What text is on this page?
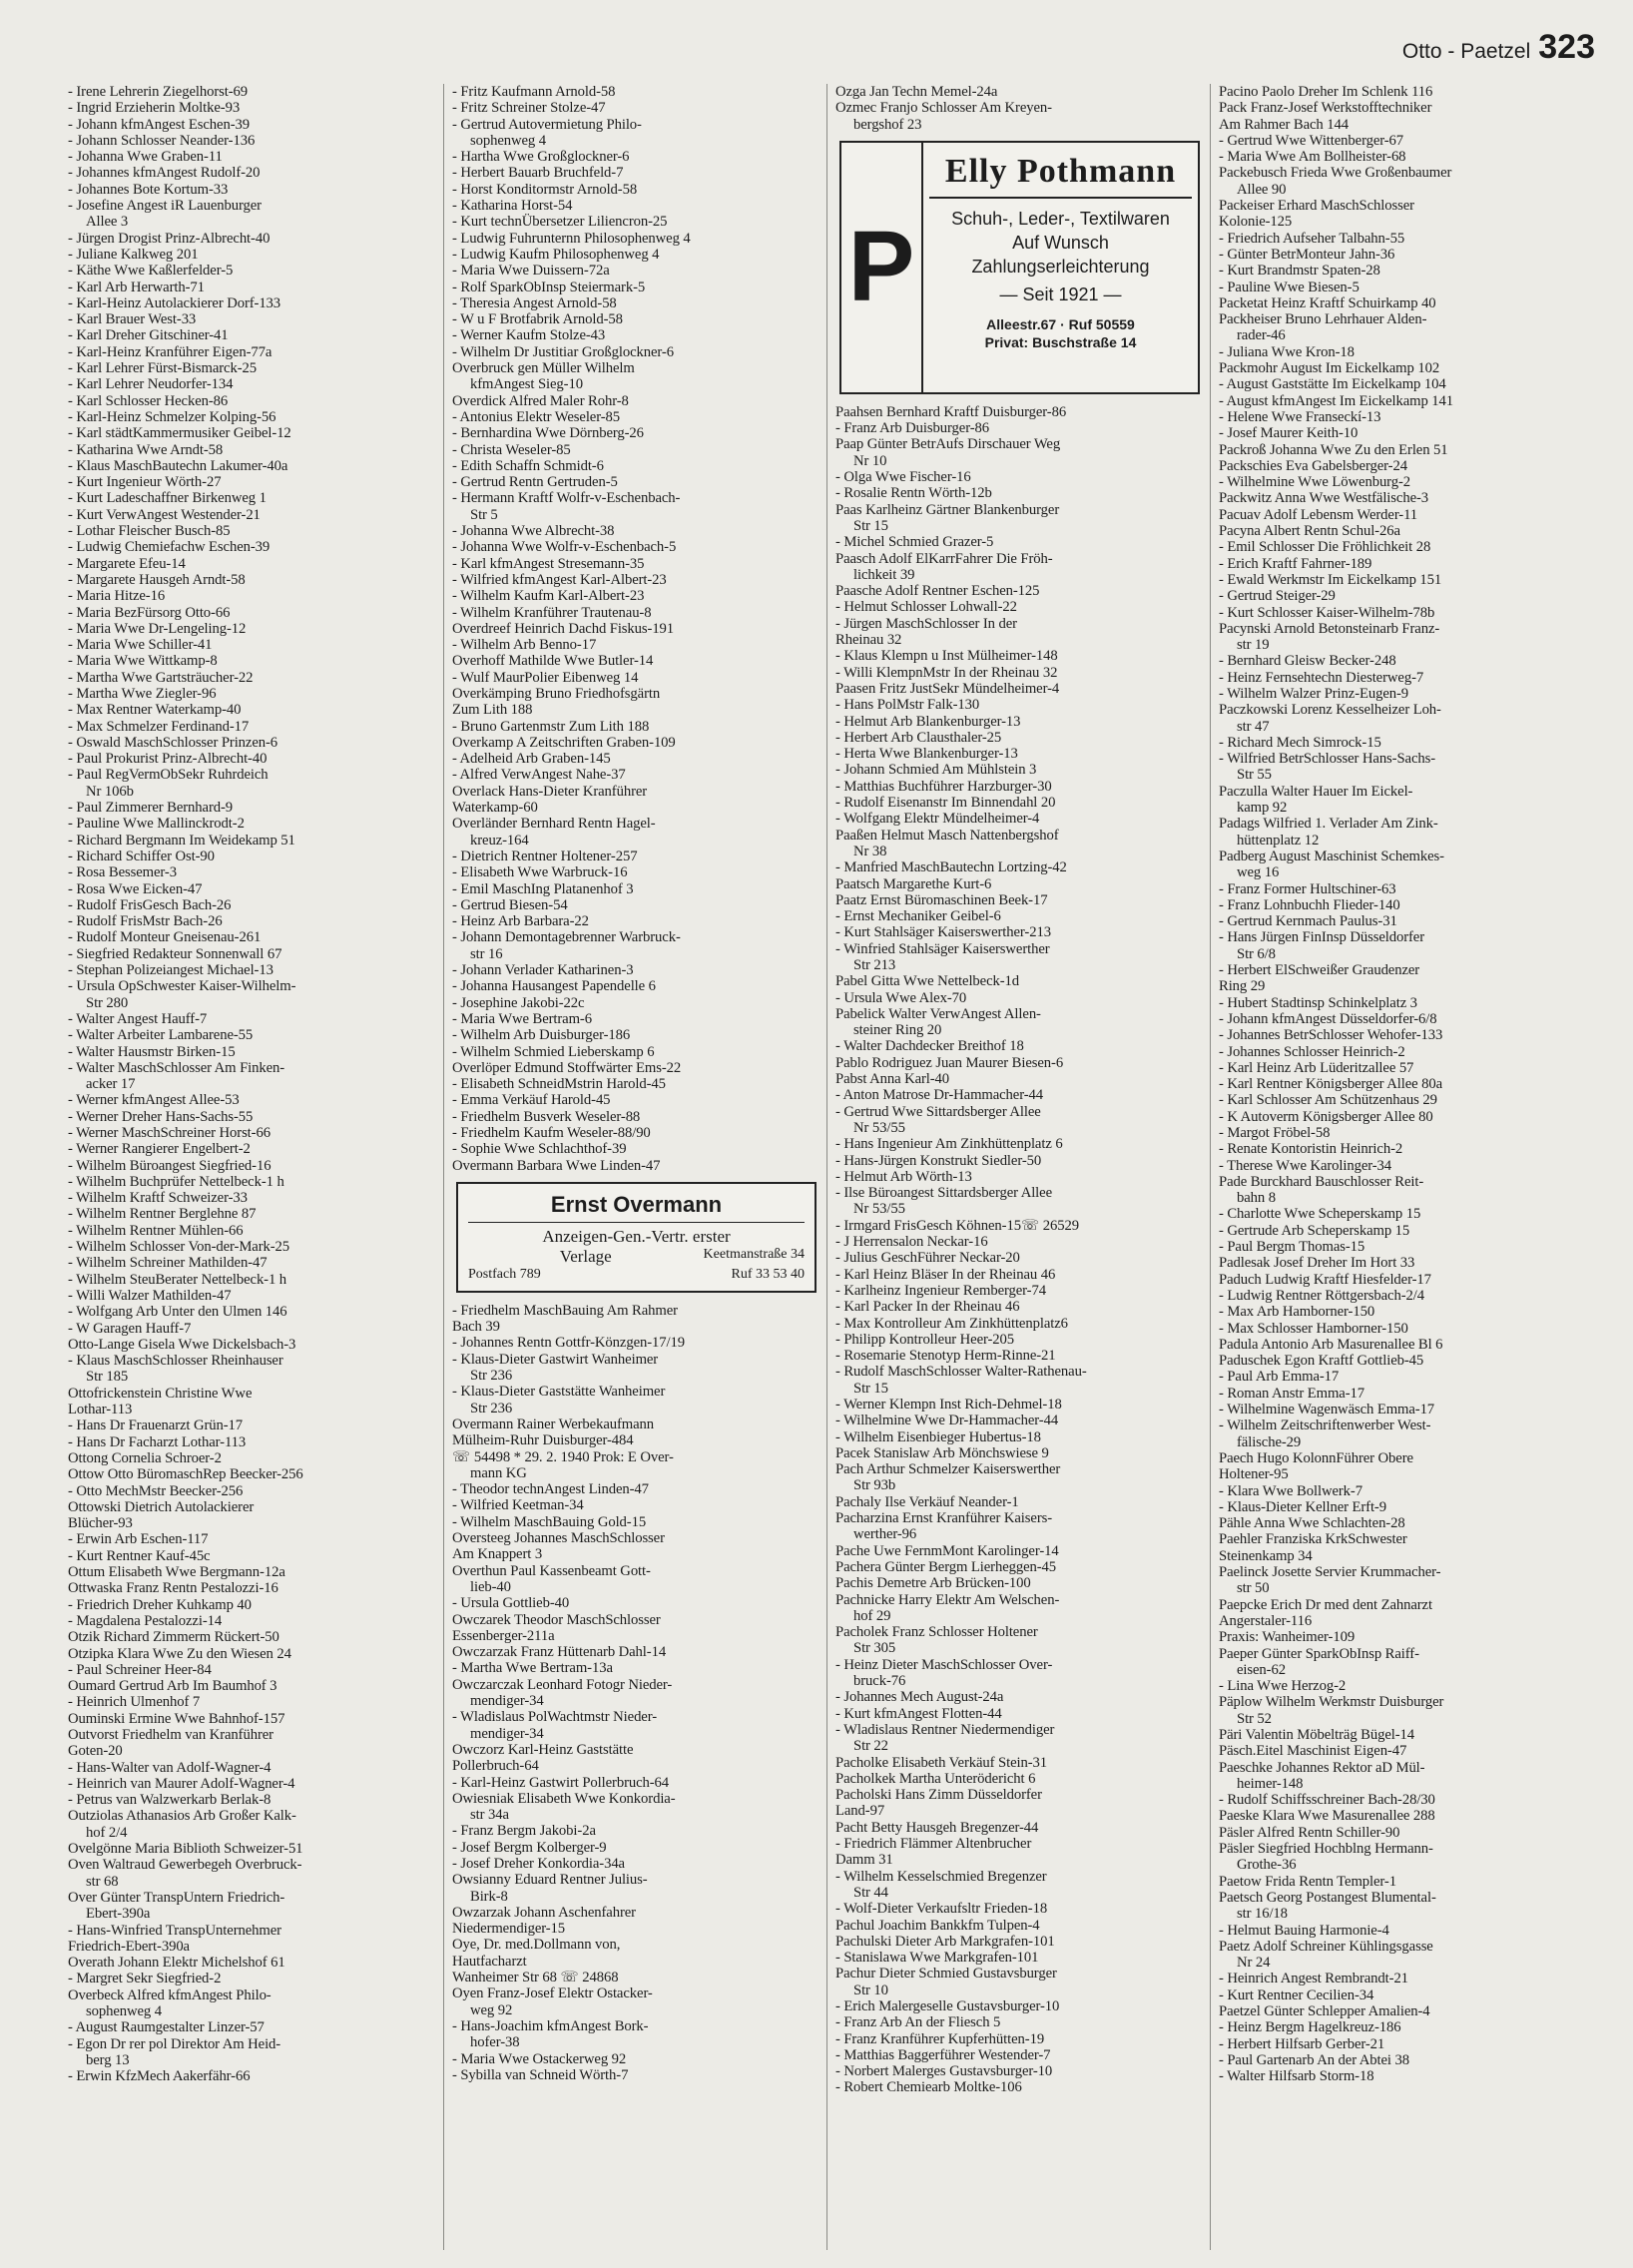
Otto - Paetzel 323
- Irene Lehrerin Ziegelhorst-69
- Ingrid Erzieherin Moltke-93
- Johann kfmAngest Eschen-39
- Johann Schlosser Neander-136
- Johanna Wwe Graben-11
- Johannes kfmAngest Rudolf-20
- Johannes Bote Kortum-33
- Josefine Angest iR Lauenburger
Allee 3
- Jürgen Drogist Prinz-Albrecht-40
- Juliane Kalkweg 201
- Käthe Wwe Kaßlerfelder-5
- Karl Arb Herwarth-71
- Karl-Heinz Autolackierer Dorf-133
- Karl Brauer West-33
- Karl Dreher Gitschiner-41
- Karl-Heinz Kranführer Eigen-77a
- Karl Lehrer Fürst-Bismarck-25
- Karl Lehrer Neudorfer-134
- Karl Schlosser Hecken-86
- Karl-Heinz Schmelzer Kolping-56
- Karl städtKammermusiker Geibel-12
- Katharina Wwe Arndt-58
- Klaus MaschBautechn Lakumer-40a
- Kurt Ingenieur Wörth-27
- Kurt Ladeschaffner Birkenweg 1
- Kurt VerwAngest Westender-21
- Lothar Fleischer Busch-85
- Ludwig Chemiefachw Eschen-39
- Margarete Efeu-14
- Margarete Hausgeh Arndt-58
- Maria Hitze-16
- Maria BezFürsorg Otto-66
- Maria Wwe Dr-Lengeling-12
- Maria Wwe Schiller-41
- Maria Wwe Wittkamp-8
- Martha Wwe Gartsträucher-22
- Martha Wwe Ziegler-96
- Max Rentner Waterkamp-40
- Max Schmelzer Ferdinand-17
- Oswald MaschSchlosser Prinzen-6
- Paul Prokurist Prinz-Albrecht-40
- Paul RegVermObSekr Ruhrdeich
Nr 106b
- Paul Zimmerer Bernhard-9
- Pauline Wwe Mallinckrodt-2
- Richard Bergmann Im Weidekamp 51
- Richard Schiffer Ost-90
- Rosa Bessemer-3
- Rosa Wwe Eicken-47
- Rudolf FrisGesch Bach-26
- Rudolf FrisMstr Bach-26
- Rudolf Monteur Gneisenau-261
- Siegfried Redakteur Sonnenwall 67
- Stephan Polizeiangest Michael-13
- Ursula OpSchwester Kaiser-Wilhelm-
Str 280
- Walter Angest Hauff-7
- Walter Arbeiter Lambarene-55
- Walter Hausmstr Birken-15
- Walter MaschSchlosser Am Finken-
acker 17
- Werner kfmAngest Allee-53
- Werner Dreher Hans-Sachs-55
- Werner MaschSchreiner Horst-66
- Werner Rangierer Engelbert-2
- Wilhelm Büroangest Siegfried-16
- Wilhelm Buchprüfer Nettelbeck-1 h
- Wilhelm Kraftf Schweizer-33
- Wilhelm Rentner Berglehne 87
- Wilhelm Rentner Mühlen-66
- Wilhelm Schlosser Von-der-Mark-25
- Wilhelm Schreiner Mathilden-47
- Wilhelm SteuBerater Nettelbeck-1 h
- Willi Walzer Mathilden-47
- Wolfgang Arb Unter den Ulmen 146
- W Garagen Hauff-7
Otto-Lange Gisela Wwe Dickelsbach-3
- Klaus MaschSchlosser Rheinhauser
Str 185
Ottofrickenstein Christine Wwe
Lothar-113
- Hans Dr Frauenarzt Grün-17
- Hans Dr Facharzt Lothar-113
Ottong Cornelia Schroer-2
Ottow Otto BüromaschRep Beecker-256
- Otto MechMstr Beecker-256
Ottowski Dietrich Autolackierer
Blücher-93
- Erwin Arb Eschen-117
- Kurt Rentner Kauf-45c
Ottum Elisabeth Wwe Bergmann-12a
Ottwaska Franz Rentn Pestalozzi-16
- Friedrich Dreher Kuhkamp 40
- Magdalena Pestalozzi-14
Otzik Richard Zimmerm Rückert-50
Otzipka Klara Wwe Zu den Wiesen 24
- Paul Schreiner Heer-84
Oumard Gertrud Arb Im Baumhof 3
- Heinrich Ulmenhof 7
Ouminski Ermine Wwe Bahnhof-157
Outvorst Friedhelm van Kranführer
Goten-20
- Hans-Walter van Adolf-Wagner-4
- Heinrich van Maurer Adolf-Wagner-4
- Petrus van Walzwerkarb Berlak-8
Outziolas Athanasios Arb Großer Kalk-
hof 2/4
Ovelgönne Maria Biblioth Schweizer-51
Oven Waltraud Gewerbegeh Overbruck-
str 68
Over Günter TranspUntern Friedrich-
Ebert-390a
- Hans-Winfried TranspUnternehmer
Friedrich-Ebert-390a
Overath Johann Elektr Michelshof 61
- Margret Sekr Siegfried-2
Overbeck Alfred kfmAngest Philo-
sophenweg 4
- August Raumgestalter Linzer-57
- Egon Dr rer pol Direktor Am Heid-
berg 13
- Erwin KfzMech Aakerfähr-66
- Fritz Kaufmann Arnold-58
- Fritz Schreiner Stolze-47
- Gertrud Autovermietung Philo-
sophenweg 4
- Hartha Wwe Großglockner-6
- Herbert Bauarb Bruchfeld-7
- Horst Konditormstr Arnold-58
- Katharina Horst-54
- Kurt technÜbersetzer Liliencron-25
- Ludwig Fuhrunternn Philosophenweg 4
- Ludwig Kaufm Philosophenweg 4
- Maria Wwe Duissern-72a
- Rolf SparkObInsp Steiermark-5
- Theresia Angest Arnold-58
- W u F Brotfabrik Arnold-58
- Werner Kaufm Stolze-43
- Wilhelm Dr Justitiar Großglockner-6
Overbruck gen Müller Wilhelm
kfmAngest Sieg-10
Overdick Alfred Maler Rohr-8
- Antonius Elektr Weseler-85
- Bernhardina Wwe Dörnberg-26
- Christa Weseler-85
- Edith Schaffn Schmidt-6
- Gertrud Rentn Gertruden-5
- Hermann Kraftf Wolfr-v-Eschenbach-
Str 5
- Johanna Wwe Albrecht-38
- Johanna Wwe Wolfr-v-Eschenbach-5
- Karl kfmAngest Stresemann-35
- Wilfried kfmAngest Karl-Albert-23
- Wilhelm Kaufm Karl-Albert-23
- Wilhelm Kranführer Trautenau-8
Overdreef Heinrich Dachd Fiskus-191
- Wilhelm Arb Benno-17
Overhoff Mathilde Wwe Butler-14
- Wulf MaurPolier Eibenweg 14
Overkämping Bruno Friedhofsgärtn
Zum Lith 188
- Bruno Gartenmstr Zum Lith 188
Overkamp A Zeitschriften Graben-109
- Adelheid Arb Graben-145
- Alfred VerwAngest Nahe-37
Overlack Hans-Dieter Kranführer
Waterkamp-60
Overländer Bernhard Rentn Hagel-
kreuz-164
- Dietrich Rentner Holtener-257
- Elisabeth Wwe Warbruck-16
- Emil MaschIng Platanenhof 3
- Gertrud Biesen-54
- Heinz Arb Barbara-22
- Johann Demontagebrenner Warbruck-
str 16
- Johann Verlader Katharinen-3
- Johanna Hausangest Papendelle 6
- Josephine Jakobi-22c
- Maria Wwe Bertram-6
- Wilhelm Arb Duisburger-186
- Wilhelm Schmied Lieberskamp 6
Overlöper Edmund Stoffwärter Ems-22
- Elisabeth SchneidMstrin Harold-45
- Emma Verkäuf Harold-45
- Friedhelm Busverk Weseler-88
- Friedhelm Kaufm Weseler-88/90
- Sophie Wwe Schlachthof-39
Overmann Barbara Wwe Linden-47
Ernst Overmann
Anzeigen-Gen.-Vertr. erster
Verlage	Keetmanstraße 34
Postfach 789	Ruf 33 53 40
- Friedhelm MaschBauing Am Rahmer
Bach 39
- Johannes Rentn Gottfr-Könzgen-17/19
- Klaus-Dieter Gastwirt Wanheimer
Str 236
- Klaus-Dieter Gaststätte Wanheimer
Str 236
Overmann Rainer Werbekaufmann
Mülheim-Ruhr Duisburger-484
☏ 54498 * 29. 2. 1940 Prok: E Over-
mann KG
- Theodor technAngest Linden-47
- Wilfried Keetman-34
- Wilhelm MaschBauing Gold-15
Oversteeg Johannes MaschSchlosser
Am Knappert 3
Overthun Paul Kassenbeamt Gott-
lieb-40
- Ursula Gottlieb-40
Owczarek Theodor MaschSchlosser
Essenberger-211a
Owczarzak Franz Hüttenarb Dahl-14
- Martha Wwe Bertram-13a
Owczarczak Leonhard Fotogr Nieder-
mendiger-34
- Wladislaus PolWachtmstr Nieder-
mendiger-34
Owczorz Karl-Heinz Gaststätte
Pollerbruch-64
- Karl-Heinz Gastwirt Pollerbruch-64
Owiesniak Elisabeth Wwe Konkordia-
str 34a
- Franz Bergm Jakobi-2a
- Josef Bergm Kolberger-9
- Josef Dreher Konkordia-34a
Owsianny Eduard Rentner Julius-
Birk-8
Owzarzak Johann Aschenfahrer
Niedermendiger-15
Oye, Dr. med.Dollmann von,
Hautfacharzt
Wanheimer Str 68 ☏ 24868
Oyen Franz-Josef Elektr Ostacker-
weg 92
- Hans-Joachim kfmAngest Bork-
hofer-38
- Maria Wwe Ostackerweg 92
- Sybilla van Schneid Wörth-7
Ozga Jan Techn Memel-24a
Ozmec Franjo Schlosser Am Kreyen-
bergshof 23
P
Elly Pothmann
Schuh-, Leder-, Textilwaren
Auf Wunsch
Zahlungserleichterung
— Seit 1921 —
Alleestr.67 · Ruf 50559
Privat: Buschstraße 14
Paahsen Bernhard Kraftf Duisburger-86
- Franz Arb Duisburger-86
Paap Günter BetrAufs Dirschauer Weg
Nr 10
- Olga Wwe Fischer-16
- Rosalie Rentn Wörth-12b
Paas Karlheinz Gärtner Blankenburger
Str 15
- Michel Schmied Grazer-5
Paasch Adolf ElKarrFahrer Die Fröh-
lichkeit 39
Paasche Adolf Rentner Eschen-125
- Helmut Schlosser Lohwall-22
- Jürgen MaschSchlosser In der
Rheinau 32
- Klaus Klempn u Inst Mülheimer-148
- Willi KlempnMstr In der Rheinau 32
Paasen Fritz JustSekr Mündelheimer-4
- Hans PolMstr Falk-130
- Helmut Arb Blankenburger-13
- Herbert Arb Clausthaler-25
- Herta Wwe Blankenburger-13
- Johann Schmied Am Mühlstein 3
- Matthias Buchführer Harzburger-30
- Rudolf Eisenanstr Im Binnendahl 20
- Wolfgang Elektr Mündelheimer-4
Paaßen Helmut Masch Nattenbergshof
Nr 38
- Manfried MaschBautechn Lortzing-42
Paatsch Margarethe Kurt-6
Paatz Ernst Büromaschinen Beek-17
- Ernst Mechaniker Geibel-6
- Kurt Stahlsäger Kaiserswerther-213
- Winfried Stahlsäger Kaiserswerther
Str 213
Pabel Gitta Wwe Nettelbeck-1d
- Ursula Wwe Alex-70
Pabelick Walter VerwAngest Allen-
steiner Ring 20
- Walter Dachdecker Breithof 18
Pablo Rodriguez Juan Maurer Biesen-6
Pabst Anna Karl-40
- Anton Matrose Dr-Hammacher-44
- Gertrud Wwe Sittardsberger Allee
Nr 53/55
- Hans Ingenieur Am Zinkhüttenplatz 6
- Hans-Jürgen Konstrukt Siedler-50
- Helmut Arb Wörth-13
- Ilse Büroangest Sittardsberger Allee
Nr 53/55
- Irmgard FrisGesch Köhnen-15☏ 26529
- J Herrensalon Neckar-16
- Julius GeschFührer Neckar-20
- Karl Heinz Bläser In der Rheinau 46
- Karlheinz Ingenieur Remberger-74
- Karl Packer In der Rheinau 46
- Max Kontrolleur Am Zinkhüttenplatz6
- Philipp Kontrolleur Heer-205
- Rosemarie Stenotyp Herm-Rinne-21
- Rudolf MaschSchlosser Walter-Rathenau-
Str 15
- Werner Klempn Inst Rich-Dehmel-18
- Wilhelmine Wwe Dr-Hammacher-44
- Wilhelm Eisenbieger Hubertus-18
Pacek Stanislaw Arb Mönchswiese 9
Pach Arthur Schmelzer Kaiserswerther
Str 93b
Pachaly Ilse Verkäuf Neander-1
Pacharzina Ernst Kranführer Kaisers-
werther-96
Pache Uwe FernmMont Karolinger-14
Pachera Günter Bergm Lierheggen-45
Pachis Demetre Arb Brücken-100
Pachnicke Harry Elektr Am Welschen-
hof 29
Pacholek Franz Schlosser Holtener
Str 305
- Heinz Dieter MaschSchlosser Over-
bruck-76
- Johannes Mech August-24a
- Kurt kfmAngest Flotten-44
- Wladislaus Rentner Niedermendiger
Str 22
Pacholke Elisabeth Verkäuf Stein-31
Pacholkek Martha Unterödericht 6
Pacholski Hans Zimm Düsseldorfer
Land-97
Pacht Betty Hausgeh Bregenzer-44
- Friedrich Flämmer Altenbrucher
Damm 31
- Wilhelm Kesselschmied Bregenzer
Str 44
- Wolf-Dieter Verkaufsltr Frieden-18
Pachul Joachim Bankkfm Tulpen-4
Pachulski Dieter Arb Markgrafen-101
- Stanislawa Wwe Markgrafen-101
Pachur Dieter Schmied Gustavsburger
Str 10
- Erich Malergeselle Gustavsburger-10
- Franz Arb An der Fliesch 5
- Franz Kranführer Kupferhütten-19
- Matthias Baggerführer Westender-7
- Norbert Malerges Gustavsburger-10
- Robert Chemiearb Moltke-106
Pacino Paolo Dreher Im Schlenk 116
Pack Franz-Josef Werkstofftechniker
Am Rahmer Bach 144
- Gertrud Wwe Wittenberger-67
- Maria Wwe Am Bollheister-68
Packebusch Frieda Wwe Großenbaumer
Allee 90
Packeiser Erhard MaschSchlosser
Kolonie-125
- Friedrich Aufseher Talbahn-55
- Günter BetrMonteur Jahn-36
- Kurt Brandmstr Spaten-28
- Pauline Wwe Biesen-5
Packetat Heinz Kraftf Schuirkamp 40
Packheiser Bruno Lehrhauer Alden-
rader-46
- Juliana Wwe Kron-18
Packmohr August Im Eickelkamp 102
- August Gaststätte Im Eickelkamp 104
- August kfmAngest Im Eickelkamp 141
- Helene Wwe Franseckí-13
- Josef Maurer Keith-10
Packroß Johanna Wwe Zu den Erlen 51
Packschies Eva Gabelsberger-24
- Wilhelmine Wwe Löwenburg-2
Packwitz Anna Wwe Westfälische-3
Pacuav Adolf Lebensm Werder-11
Pacyna Albert Rentn Schul-26a
- Emil Schlosser Die Fröhlichkeit 28
- Erich Kraftf Fahrner-189
- Ewald Werkmstr Im Eickelkamp 151
- Gertrud Steiger-29
- Kurt Schlosser Kaiser-Wilhelm-78b
Pacynski Arnold Betonsteinarb Franz-
str 19
- Bernhard Gleisw Becker-248
- Heinz Fernsehtechn Diesterweg-7
- Wilhelm Walzer Prinz-Eugen-9
Paczkowski Lorenz Kesselheizer Loh-
str 47
- Richard Mech Simrock-15
- Wilfried BetrSchlosser Hans-Sachs-
Str 55
Paczulla Walter Hauer Im Eickel-
kamp 92
Padags Wilfried 1. Verlader Am Zink-
hüttenplatz 12
Padberg August Maschinist Schemkes-
weg 16
- Franz Former Hultschiner-63
- Franz Lohnbuchh Flieder-140
- Gertrud Kernmach Paulus-31
- Hans Jürgen FinInsp Düsseldorfer
Str 6/8
- Herbert ElSchweißer Graudenzer
Ring 29
- Hubert Stadtinsp Schinkelplatz 3
- Johann kfmAngest Düsseldorfer-6/8
- Johannes BetrSchlosser Wehofer-133
- Johannes Schlosser Heinrich-2
- Karl Heinz Arb Lüderitzallee 57
- Karl Rentner Königsberger Allee 80a
- Karl Schlosser Am Schützenhaus 29
- K Autoverm Königsberger Allee 80
- Margot Fröbel-58
- Renate Kontoristin Heinrich-2
- Therese Wwe Karolinger-34
Pade Burckhard Bauschlosser Reit-
bahn 8
- Charlotte Wwe Scheperskamp 15
- Gertrude Arb Scheperskamp 15
- Paul Bergm Thomas-15
Padlesak Josef Dreher Im Hort 33
Paduch Ludwig Kraftf Hiesfelder-17
- Ludwig Rentner Röttgersbach-2/4
- Max Arb Hamborner-150
- Max Schlosser Hamborner-150
Padula Antonio Arb Masurenallee Bl 6
Paduschek Egon Kraftf Gottlieb-45
- Paul Arb Emma-17
- Roman Anstr Emma-17
- Wilhelmine Wagenwäsch Emma-17
- Wilhelm Zeitschriftenwerber West-
fälische-29
Paech Hugo KolonnFührer Obere
Holtener-95
- Klara Wwe Bollwerk-7
- Klaus-Dieter Kellner Erft-9
Pähle Anna Wwe Schlachten-28
Paehler Franziska KrkSchwester
Steinenkamp 34
Paelinck Josette Servier Krummacher-
str 50
Paepcke Erich Dr med dent Zahnarzt
Angerstaler-116
Praxis: Wanheimer-109
Paeper Günter SparkObInsp Raiff-
eisen-62
- Lina Wwe Herzog-2
Päplow Wilhelm Werkmstr Duisburger
Str 52
Päri Valentin Möbelträg Bügel-14
Päsch.Eitel Maschinist Eigen-47
Paeschke Johannes Rektor aD Mül-
heimer-148
- Rudolf Schiffsschreiner Bach-28/30
Paeske Klara Wwe Masurenallee 288
Päsler Alfred Rentn Schiller-90
Päsler Siegfried Hochblng Hermann-
Grothe-36
Paetow Frida Rentn Templer-1
Paetsch Georg Postangest Blumental-
str 16/18
- Helmut Bauing Harmonie-4
Paetz Adolf Schreiner Kühlingsgasse
Nr 24
- Heinrich Angest Rembrandt-21
- Kurt Rentner Cecilien-34
Paetzel Günter Schlepper Amalien-4
- Heinz Bergm Hagelkreuz-186
- Herbert Hilfsarb Gerber-21
- Paul Gartenarb An der Abtei 38
- Walter Hilfsarb Storm-18
